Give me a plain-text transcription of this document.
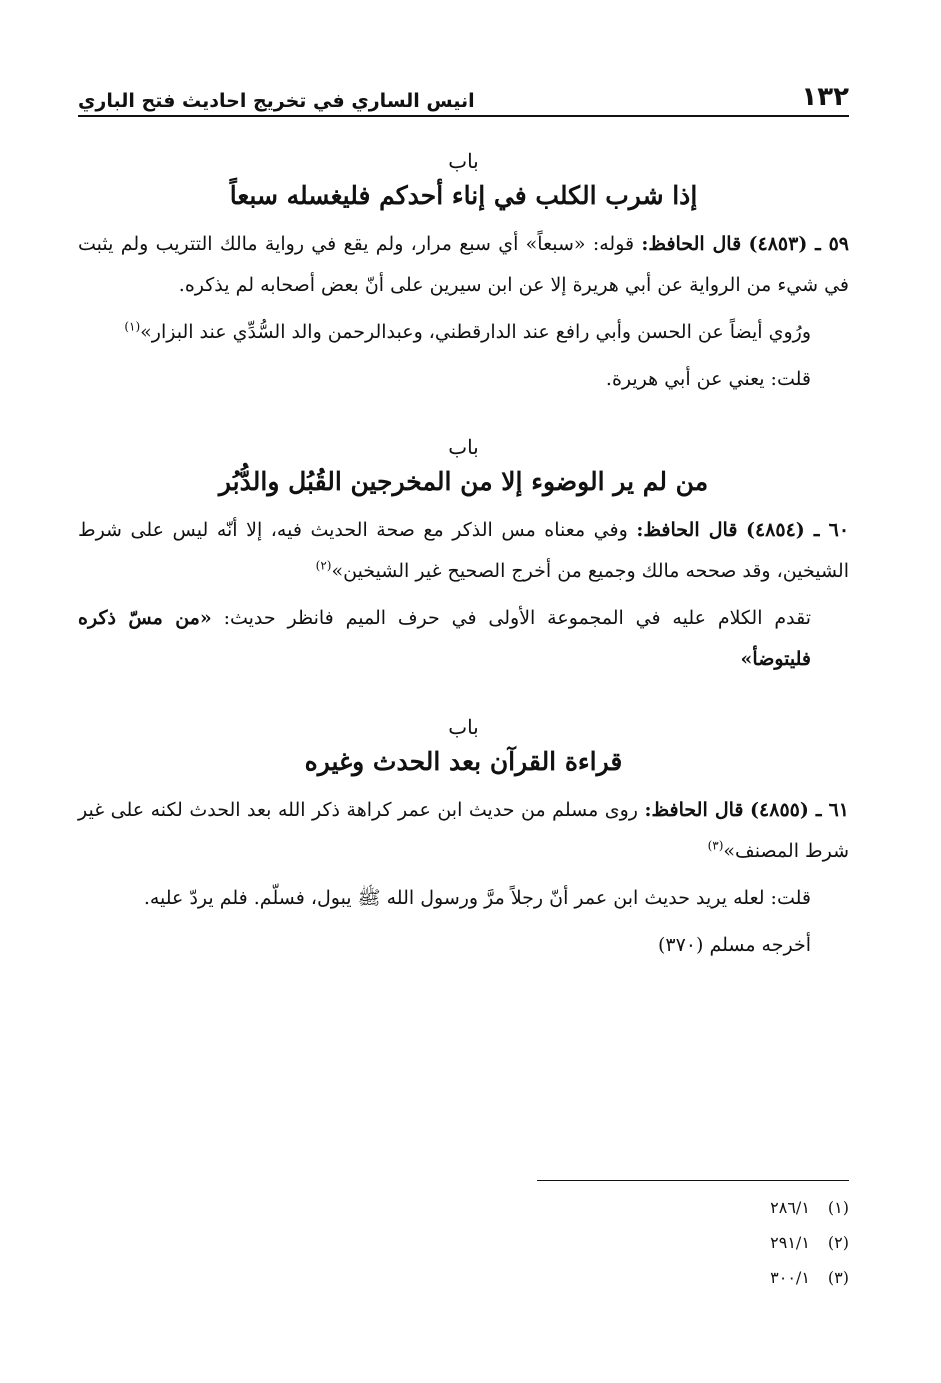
١٣٢
انيس الساري في تخريج احاديث فتح الباري
باب
إذا شرب الكلب في إناء أحدكم فليغسله سبعاً

٥٩ ـ (٤٨٥٣) قال الحافظ: قوله: «سبعاً» أي سبع مرار، ولم يقع في رواية مالك التتريب ولم يثبت في شيء من الرواية عن أبي هريرة إلا عن ابن سيرين على أنّ بعض أصحابه لم يذكره.

ورُوي أيضاً عن الحسن وأبي رافع عند الدارقطني، وعبدالرحمن والد السُّدِّي عند البزار»$^{(١)}$

قلت: يعني عن أبي هريرة.

باب
من لم ير الوضوء إلا من المخرجين القُبُل والدُّبُر

٦٠ ـ (٤٨٥٤) قال الحافظ: وفي معناه مس الذكر مع صحة الحديث فيه، إلا أنّه ليس على شرط الشيخين، وقد صححه مالك وجميع من أخرج الصحيح غير الشيخين»$^{(٢)}$

تقدم الكلام عليه في المجموعة الأولى في حرف الميم فانظر حديث: «من مسّ ذكره فليتوضأ»

باب
قراءة القرآن بعد الحدث وغيره

٦١ ـ (٤٨٥٥) قال الحافظ: روى مسلم من حديث ابن عمر كراهة ذكر الله بعد الحدث لكنه على غير شرط المصنف»$^{(٣)}$

قلت: لعله يريد حديث ابن عمر أنّ رجلاً مرَّ ورسول الله ﷺ يبول، فسلّم. فلم يردّ عليه.

أخرجه مسلم (٣٧٠)

(١)
٢٨٦/١
(٢)
٢٩١/١
(٣)
٣٠٠/١
